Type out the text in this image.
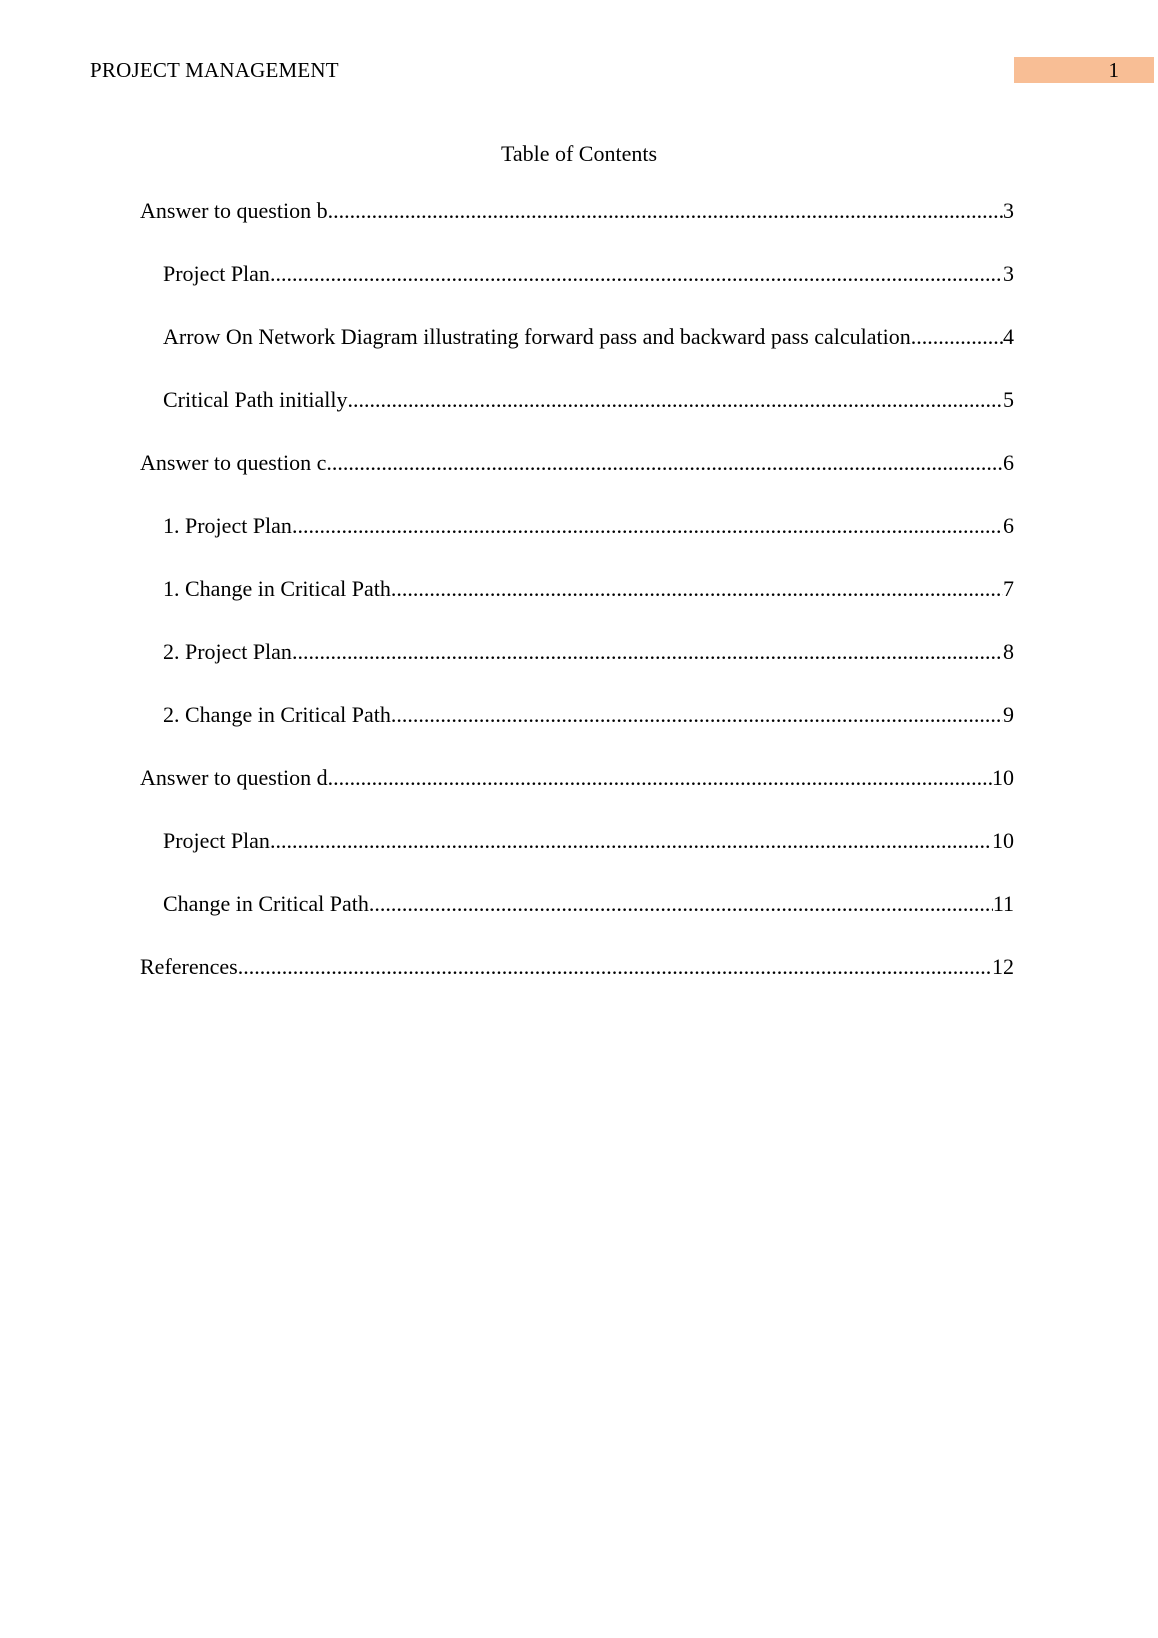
PROJECT MANAGEMENT	1
Table of Contents
Answer to question b .....	3
Project Plan .....	3
Arrow On Network Diagram illustrating forward pass and backward pass calculation .....	4
Critical Path initially .....	5
Answer to question c .....	6
1. Project Plan .....	6
1. Change in Critical Path .....	7
2. Project Plan .....	8
2. Change in Critical Path .....	9
Answer to question d .....	10
Project Plan .....	10
Change in Critical Path .....	11
References .....	12
